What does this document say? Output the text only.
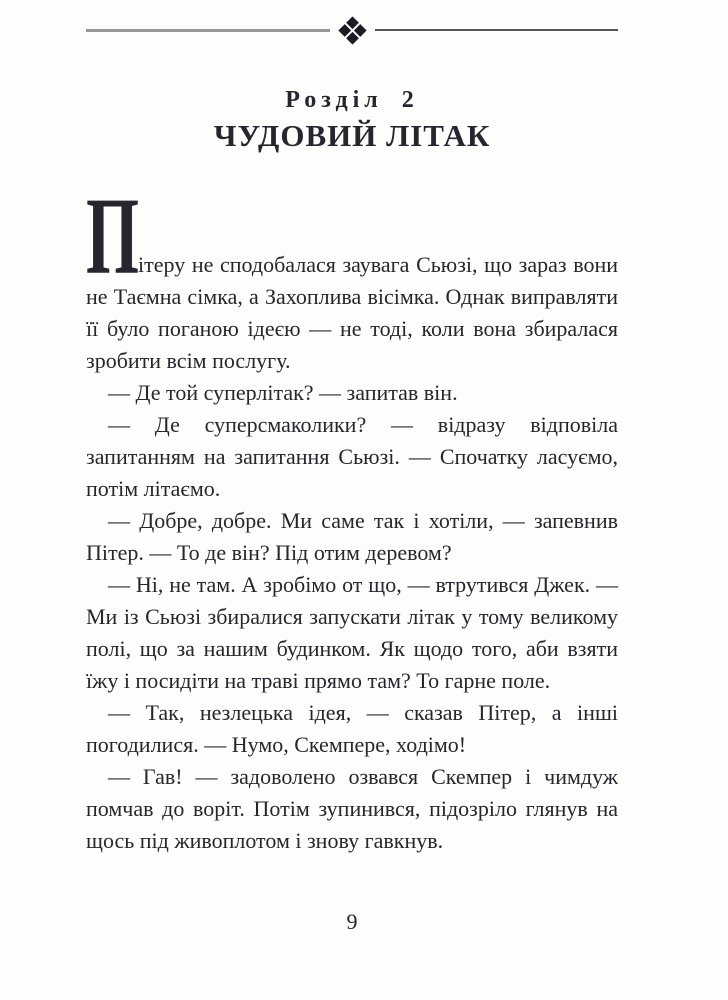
Розділ 2
ЧУДОВИЙ ЛІТАК

П
ітеру не сподобалася заувага Сьюзі, що зараз вони не Таємна сімка, а Захоплива вісімка. Однак виправляти її було поганою ідеєю — не тоді, коли вона збиралася зробити всім послугу.

— Де той суперлітак? — запитав він.

— Де суперсмаколики? — відразу відповіла запитанням на запитання Сьюзі. — Спочатку ласуємо, потім літаємо.

— Добре, добре. Ми саме так і хотіли, — запевнив Пітер. — То де він? Під отим деревом?

— Ні, не там. А зробімо от що, — втрутився Джек. — Ми із Сьюзі збиралися запускати літак у тому великому полі, що за нашим будинком. Як щодо того, аби взяти їжу і посидіти на траві прямо там? То гарне поле.

— Так, незлецька ідея, — сказав Пітер, а інші погодилися. — Нумо, Скемпере, ходімо!

— Гав! — задоволено озвався Скемпер і чимдуж помчав до воріт. Потім зупинився, підозріло глянув на щось під живоплотом і знову гавкнув.

9
